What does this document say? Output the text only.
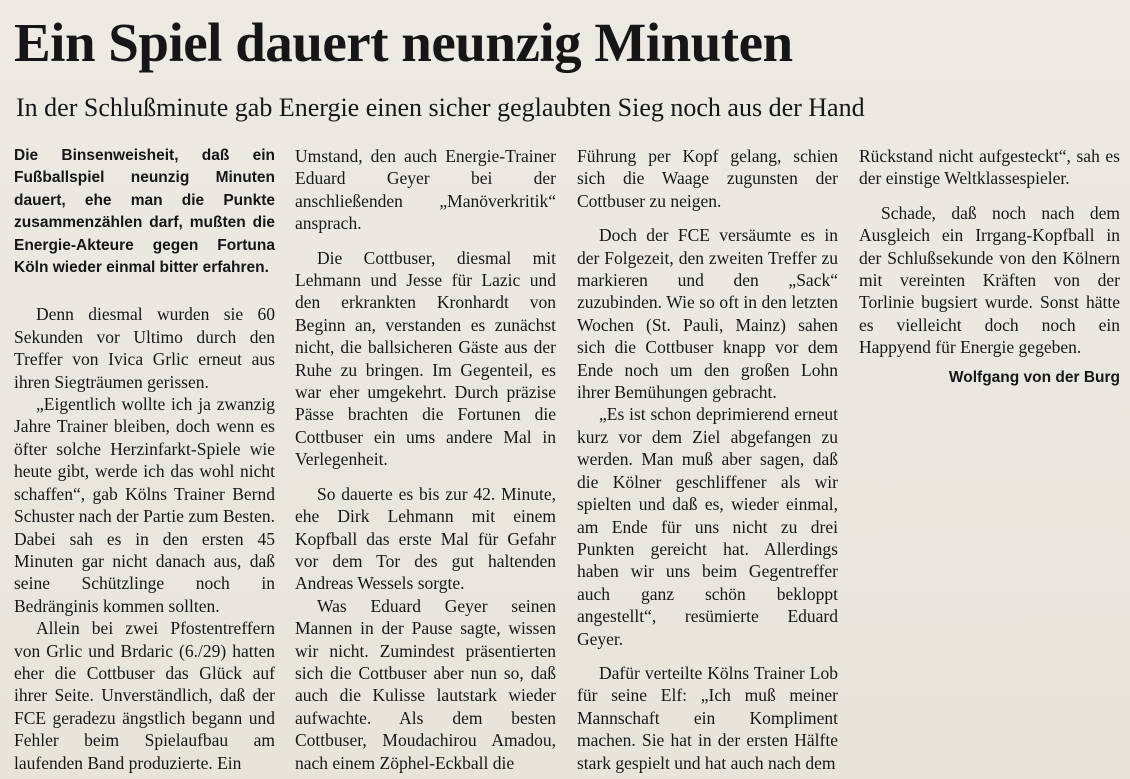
Ein Spiel dauert neunzig Minuten
In der Schlußminute gab Energie einen sicher geglaubten Sieg noch aus der Hand

Die Binsenweisheit, daß ein Fußballspiel neunzig Minuten dauert, ehe man die Punkte zusammenzählen darf, mußten die Energie-Akteure gegen Fortuna Köln wieder einmal bitter erfahren.

Denn diesmal wurden sie 60 Sekunden vor Ultimo durch den Treffer von Ivica Grlic erneut aus ihren Siegträumen gerissen.

„Eigentlich wollte ich ja zwanzig Jahre Trainer bleiben, doch wenn es öfter solche Herzinfarkt-Spiele wie heute gibt, werde ich das wohl nicht schaffen“, gab Kölns Trainer Bernd Schuster nach der Partie zum Besten. Dabei sah es in den ersten 45 Minuten gar nicht danach aus, daß seine Schützlinge noch in Bedränginis kommen sollten.

Allein bei zwei Pfostentreffern von Grlic und Brdaric (6./29) hatten eher die Cottbuser das Glück auf ihrer Seite. Unverständlich, daß der FCE geradezu ängstlich begann und Fehler beim Spielaufbau am laufenden Band produzierte. Ein

Umstand, den auch Energie-Trainer Eduard Geyer bei der anschließenden „Manöverkritik“ ansprach.

Die Cottbuser, diesmal mit Lehmann und Jesse für Lazic und den erkrankten Kronhardt von Beginn an, verstanden es zunächst nicht, die ballsicheren Gäste aus der Ruhe zu bringen. Im Gegenteil, es war eher umgekehrt. Durch präzise Pässe brachten die Fortunen die Cottbuser ein ums andere Mal in Verlegenheit.

So dauerte es bis zur 42. Minute, ehe Dirk Lehmann mit einem Kopfball das erste Mal für Gefahr vor dem Tor des gut haltenden Andreas Wessels sorgte.

Was Eduard Geyer seinen Mannen in der Pause sagte, wissen wir nicht. Zumindest präsentierten sich die Cottbuser aber nun so, daß auch die Kulisse lautstark wieder aufwachte. Als dem besten Cottbuser, Moudachirou Amadou, nach einem Zöphel-Eckball die

Führung per Kopf gelang, schien sich die Waage zugunsten der Cottbuser zu neigen.

Doch der FCE versäumte es in der Folgezeit, den zweiten Treffer zu markieren und den „Sack“ zuzubinden. Wie so oft in den letzten Wochen (St. Pauli, Mainz) sahen sich die Cottbuser knapp vor dem Ende noch um den großen Lohn ihrer Bemühungen gebracht.

„Es ist schon deprimierend erneut kurz vor dem Ziel abgefangen zu werden. Man muß aber sagen, daß die Kölner geschliffener als wir spielten und daß es, wieder einmal, am Ende für uns nicht zu drei Punkten gereicht hat. Allerdings haben wir uns beim Gegentreffer auch ganz schön bekloppt angestellt“, resümierte Eduard Geyer.

Dafür verteilte Kölns Trainer Lob für seine Elf: „Ich muß meiner Mannschaft ein Kompliment machen. Sie hat in der ersten Hälfte stark gespielt und hat auch nach dem

Rückstand nicht aufgesteckt“, sah es der einstige Weltklassespieler.

Schade, daß noch nach dem Ausgleich ein Irrgang-Kopfball in der Schlußsekunde von den Kölnern mit vereinten Kräften von der Torlinie bugsiert wurde. Sonst hätte es vielleicht doch noch ein Happyend für Energie gegeben.

Wolfgang von der Burg
